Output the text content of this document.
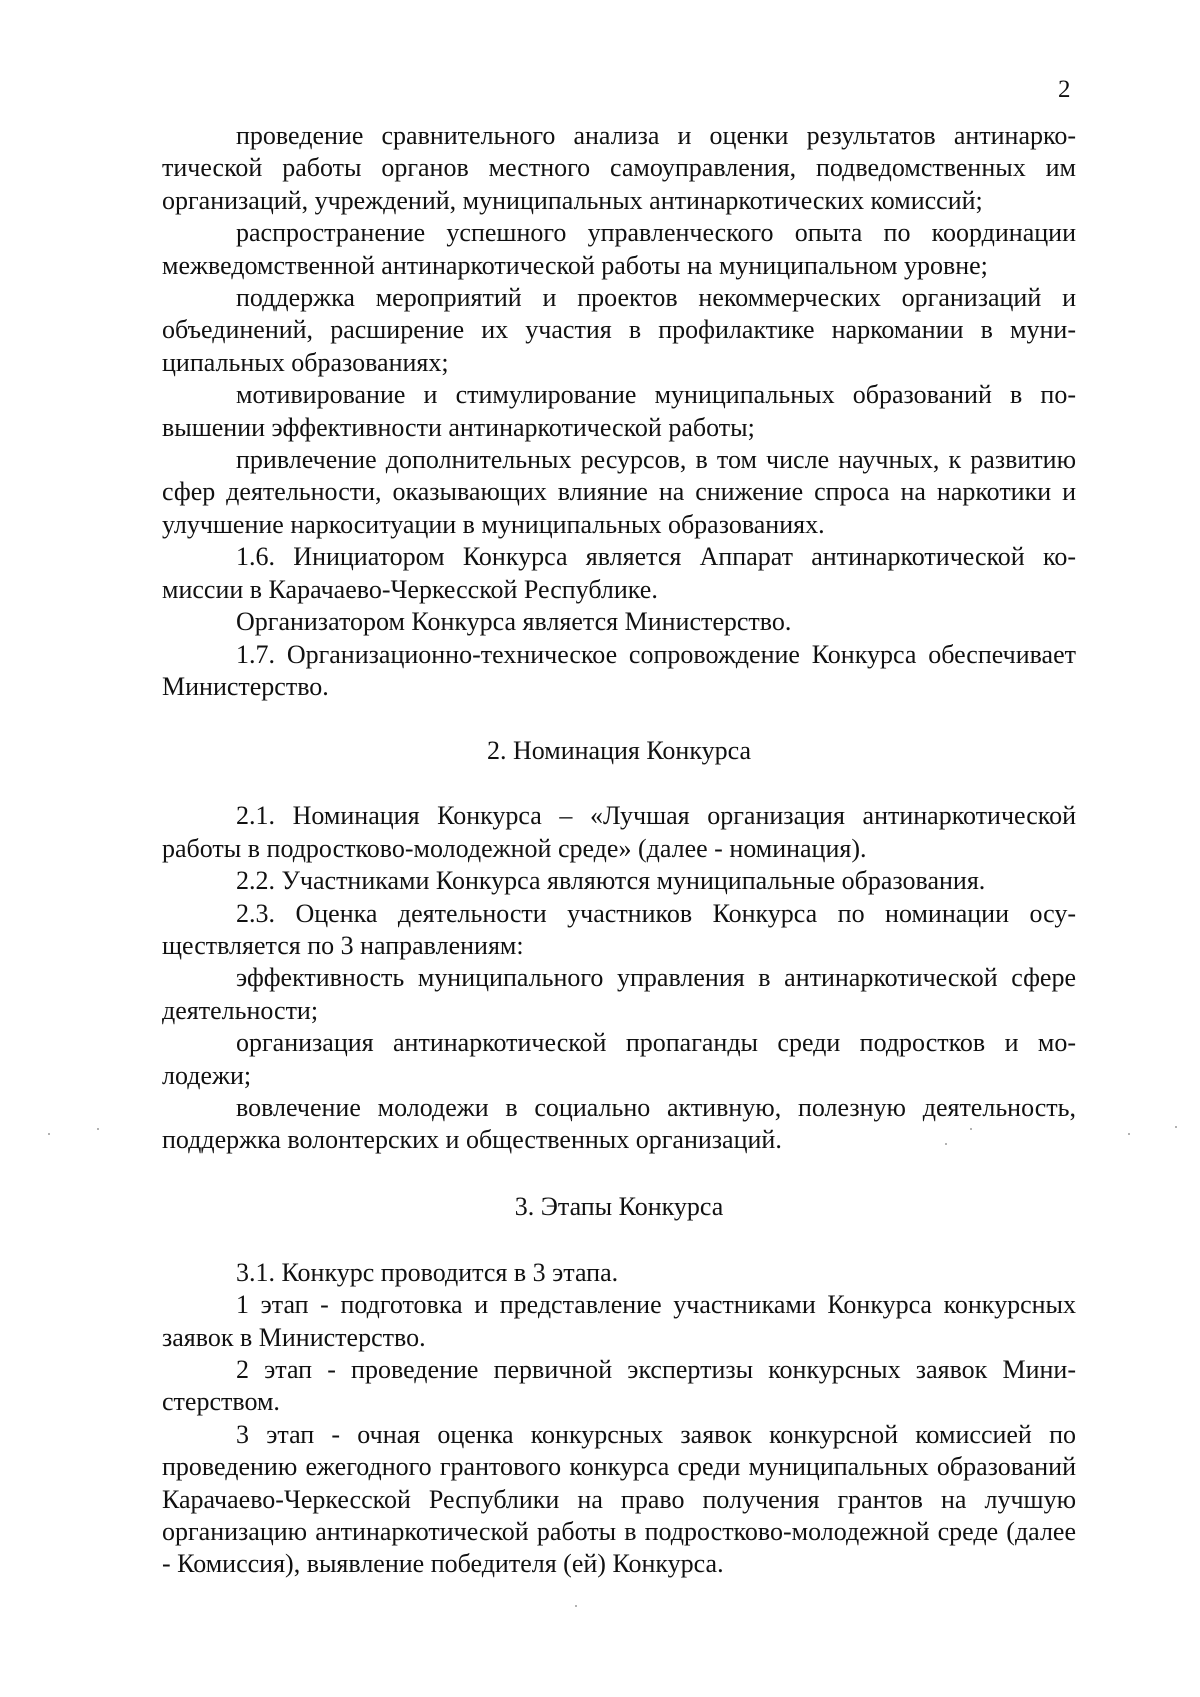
2

проведение сравнительного анализа и оценки результатов антинаркотической работы органов местного самоуправления, подведомственных им организаций, учреждений, муниципальных антинаркотических комиссий;

распространение успешного управленческого опыта по координации межведомственной антинаркотической работы на муниципальном уровне;

поддержка мероприятий и проектов некоммерческих организаций и объединений, расширение их участия в профилактике наркомании в муниципальных образованиях;

мотивирование и стимулирование муниципальных образований в повышении эффективности антинаркотической работы;

привлечение дополнительных ресурсов, в том числе научных, к развитию сфер деятельности, оказывающих влияние на снижение спроса на наркотики и улучшение наркоситуации в муниципальных образованиях.

1.6. Инициатором Конкурса является Аппарат антинаркотической комиссии в Карачаево-Черкесской Республике.

Организатором Конкурса является Министерство.

1.7. Организационно-техническое сопровождение Конкурса обеспечивает Министерство.

2. Номинация Конкурса

2.1. Номинация Конкурса – «Лучшая организация антинаркотической работы в подростково-молодежной среде» (далее - номинация).

2.2. Участниками Конкурса являются муниципальные образования.

2.3. Оценка деятельности участников Конкурса по номинации осуществляется по 3 направлениям:

эффективность муниципального управления в антинаркотической сфере деятельности;

организация антинаркотической пропаганды среди подростков и молодежи;

вовлечение молодежи в социально активную, полезную деятельность, поддержка волонтерских и общественных организаций.

3. Этапы Конкурса

3.1. Конкурс проводится в 3 этапа.

1 этап - подготовка и представление участниками Конкурса конкурсных заявок в Министерство.

2 этап - проведение первичной экспертизы конкурсных заявок Министерством.

3 этап - очная оценка конкурсных заявок конкурсной комиссией по проведению ежегодного грантового конкурса среди муниципальных образований Карачаево-Черкесской Республики на право получения грантов на лучшую организацию антинаркотической работы в подростково-молодежной среде (далее - Комиссия), выявление победителя (ей) Конкурса.
